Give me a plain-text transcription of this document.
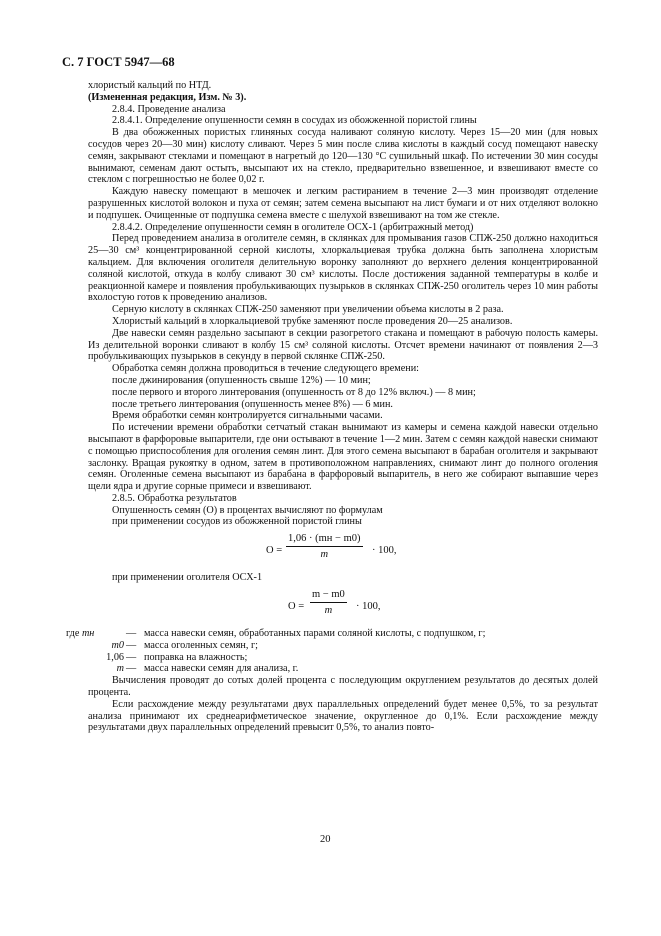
С. 7 ГОСТ 5947—68

хлористый кальций по НТД.

(Измененная редакция, Изм. № 3).

2.8.4. Проведение анализа

2.8.4.1. Определение опушенности семян в сосудах из обожженной пористой глины

В два обожженных пористых глиняных сосуда наливают соляную кислоту. Через 15—20 мин (для новых сосудов через 20—30 мин) кислоту сливают. Через 5 мин после слива кислоты в каждый сосуд помещают навеску семян, закрывают стеклами и помещают в нагретый до 120—130 °С сушильный шкаф. По истечении 30 мин сосуды вынимают, семенам дают остыть, высыпают их на стекло, предварительно взвешенное, и взвешивают вместе со стеклом с погрешностью не более 0,02 г.

Каждую навеску помещают в мешочек и легким растиранием в течение 2—3 мин производят отделение разрушенных кислотой волокон и пуха от семян; затем семена высыпают на лист бумаги и от них отделяют волокно и подпушек. Очищенные от подпушка семена вместе с шелухой взвешивают на том же стекле.

2.8.4.2. Определение опушенности семян в оголителе ОСХ-1 (арбитражный метод)

Перед проведением анализа в оголителе семян, в склянках для промывания газов СПЖ-250 должно находиться 25—30 см³ концентрированной серной кислоты, хлоркальциевая трубка должна быть заполнена хлористым кальцием. Для включения оголителя делительную воронку заполняют до верхнего деления концентрированной соляной кислотой, откуда в колбу сливают 30 см³ кислоты. После достижения заданной температуры в колбе и реакционной камере и появления пробулькивающих пузырьков в склянках СПЖ-250 оголитель через 10 мин работы вхолостую готов к проведению анализов.

Серную кислоту в склянках СПЖ-250 заменяют при увеличении объема кислоты в 2 раза.

Хлористый кальций в хлоркальциевой трубке заменяют после проведения 20—25 анализов.

Две навески семян раздельно засыпают в секции разогретого стакана и помещают в рабочую полость камеры. Из делительной воронки сливают в колбу 15 см³ соляной кислоты. Отсчет времени начинают от появления 2—3 пробулькивающих пузырьков в секунду в первой склянке СПЖ-250.

Обработка семян должна проводиться в течение следующего времени:

после джинирования (опушенность свыше 12%) — 10 мин;

после первого и второго линтерования (опушенность от 8 до 12% включ.) — 8 мин;

после третьего линтерования (опушенность менее 8%) — 6 мин.

Время обработки семян контролируется сигнальными часами.

По истечении времени обработки сетчатый стакан вынимают из камеры и семена каждой навески отдельно высыпают в фарфоровые выпарители, где они остывают в течение 1—2 мин. Затем с семян каждой навески снимают с помощью приспособления для оголения семян линт. Для этого семена высыпают в барабан оголителя и закрывают заслонку. Вращая рукоятку в одном, затем в противоположном направлениях, снимают линт до полного оголения семян. Оголенные семена высыпают из барабана в фарфоровый выпаритель, в него же собирают выпавшие через щели ядра и другие сорные примеси и взвешивают.

2.8.5. Обработка результатов

Опушенность семян (О) в процентах вычисляют по формулам

при применении сосудов из обожженной пористой глины

О =
1,06 · (mн − m0)
m	· 100,

при применении оголителя ОСХ-1

$О = \frac{m - m0}{m} \cdot 100$,
где mн	— масса навески семян, обработанных парами соляной кислоты, с подпушком, г;
m0 — масса оголенных семян, г;
1,06 — поправка на влажность;
m — масса навески семян для анализа, г.

Вычисления проводят до сотых долей процента с последующим округлением результатов до десятых долей процента.

Если расхождение между результатами двух параллельных определений будет менее 0,5%, то за результат анализа принимают их среднеарифметическое значение, округленное до 0,1%. Если расхождение между результатами двух параллельных определений превысит 0,5%, то анализ повто-

20
